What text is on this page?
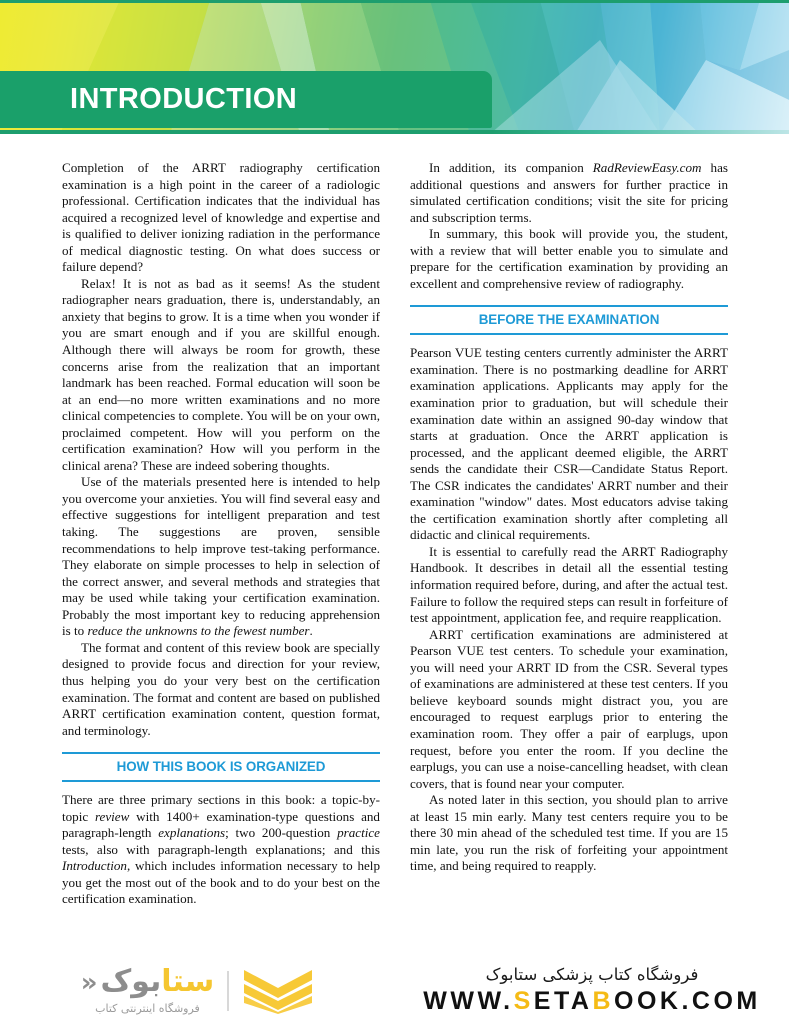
INTRODUCTION

Completion of the ARRT radiography certification examination is a high point in the career of a radiologic professional. Certification indicates that the individual has acquired a recognized level of knowledge and expertise and is qualified to deliver ionizing radiation in the performance of medical diagnostic testing. On what does success or failure depend?

Relax! It is not as bad as it seems! As the student radiographer nears graduation, there is, understandably, an anxiety that begins to grow. It is a time when you wonder if you are smart enough and if you are skillful enough. Although there will always be room for growth, these concerns arise from the realization that an important landmark has been reached. Formal education will soon be at an end—no more written examinations and no more clinical competencies to complete. You will be on your own, proclaimed competent. How will you perform on the certification examination? How will you perform in the clinical arena? These are indeed sobering thoughts.

Use of the materials presented here is intended to help you overcome your anxieties. You will find several easy and effective suggestions for intelligent preparation and test taking. The suggestions are proven, sensible recommendations to help improve test-taking performance. They elaborate on simple processes to help in selection of the correct answer, and several methods and strategies that may be used while taking your certification examination. Probably the most important key to reducing apprehension is to reduce the unknowns to the fewest number.

The format and content of this review book are specially designed to provide focus and direction for your review, thus helping you do your very best on the certification examination. The format and content are based on published ARRT certification examination content, question format, and terminology.

HOW THIS BOOK IS ORGANIZED

There are three primary sections in this book: a topic-by-topic review with 1400+ examination-type questions and paragraph-length explanations; two 200-question practice tests, also with paragraph-length explanations; and this Introduction, which includes information necessary to help you get the most out of the book and to do your best on the certification examination.

In addition, its companion RadReviewEasy.com has additional questions and answers for further practice in simulated certification conditions; visit the site for pricing and subscription terms.

In summary, this book will provide you, the student, with a review that will better enable you to simulate and prepare for the certification examination by providing an excellent and comprehensive review of radiography.

BEFORE THE EXAMINATION

Pearson VUE testing centers currently administer the ARRT examination. There is no postmarking deadline for ARRT examination applications. Applicants may apply for the examination prior to graduation, but will schedule their examination date within an assigned 90-day window that starts at graduation. Once the ARRT application is processed, and the applicant deemed eligible, the ARRT sends the candidate their CSR—Candidate Status Report. The CSR indicates the candidates' ARRT number and their examination "window" dates. Most educators advise taking the certification examination shortly after completing all didactic and clinical requirements.

It is essential to carefully read the ARRT Radiography Handbook. It describes in detail all the essential testing information required before, during, and after the actual test. Failure to follow the required steps can result in forfeiture of test appointment, application fee, and require reapplication.

ARRT certification examinations are administered at Pearson VUE test centers. To schedule your examination, you will need your ARRT ID from the CSR. Several types of examinations are administered at these test centers. If you believe keyboard sounds might distract you, you are encouraged to request earplugs prior to entering the examination room. They offer a pair of earplugs, upon request, before you enter the room. If you decline the earplugs, you can use a noise-cancelling headset, with clean covers, that is found near your computer.

As noted later in this section, you should plan to arrive at least 15 min early. Many test centers require you to be there 30 min ahead of the scheduled test time. If you are 15 min late, you run the risk of forfeiting your appointment time, and being required to reapply.

ستا
بوک
«
فروشگاه اینترنتی کتاب
فروشگاه کتاب پزشکی ستابوک
WWW.SETABOOK.COM
